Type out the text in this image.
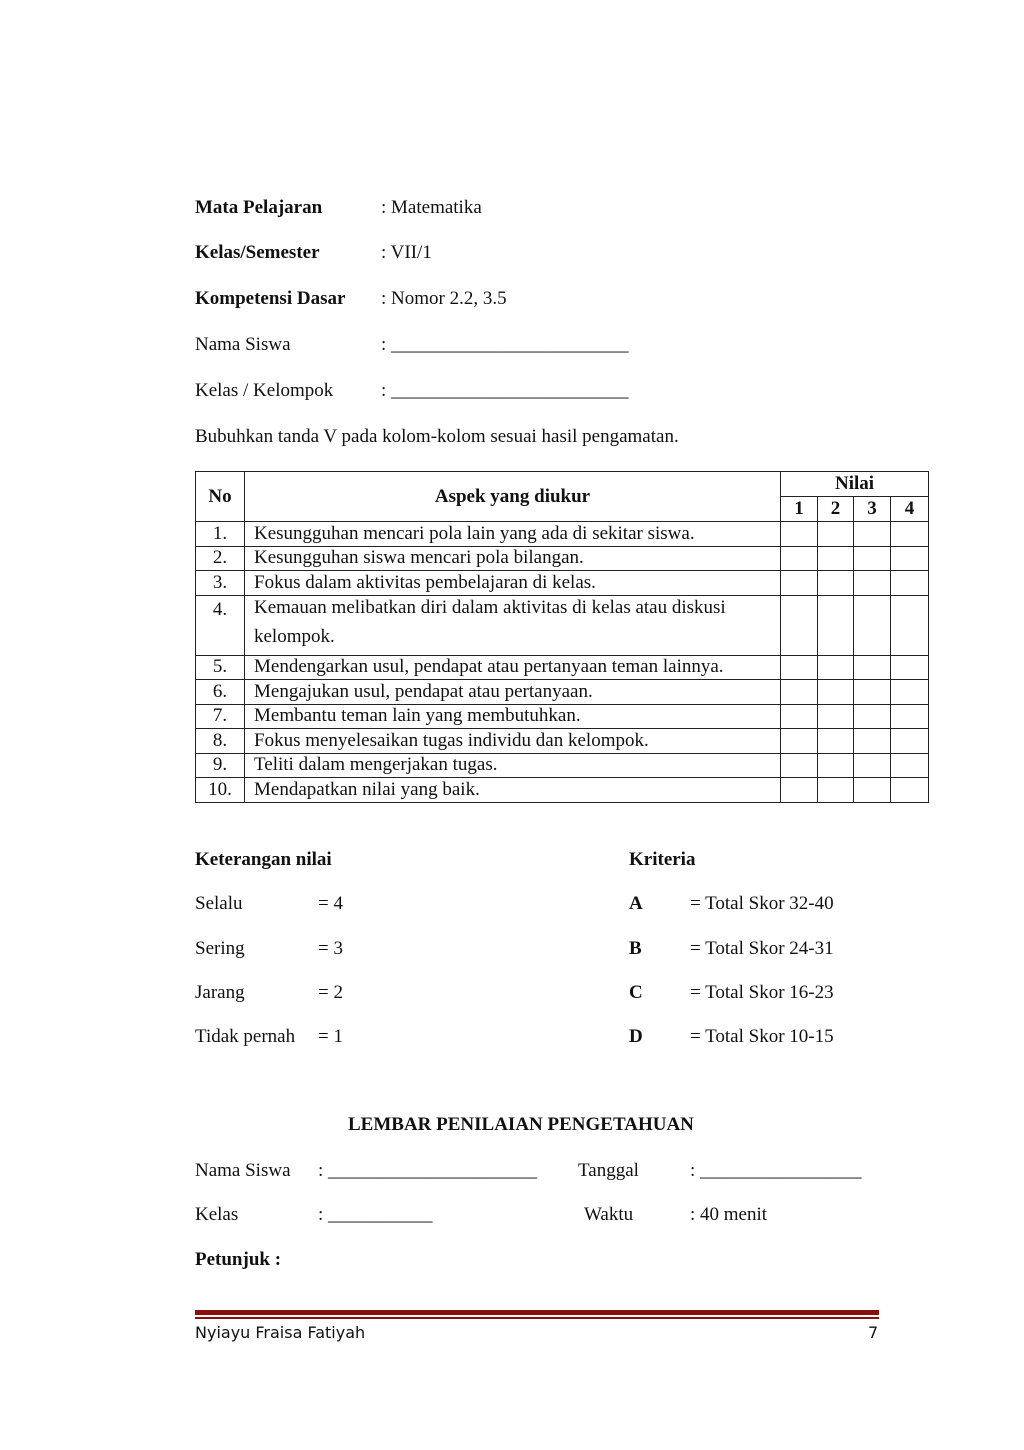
Mata Pelajaran	: Matematika
Kelas/Semester	: VII/1
Kompetensi Dasar : Nomor 2.2, 3.5
Nama Siswa	: _________________________
Kelas / Kelompok	: _________________________
Bubuhkan tanda V pada kolom-kolom sesuai hasil pengamatan.
No	Aspek yang diukur	Nilai			
		1	2	3	4
1.	Kesungguhan mencari pola lain yang ada di sekitar siswa.				
2.	Kesungguhan siswa mencari pola bilangan.				
3.	Fokus dalam aktivitas pembelajaran di kelas.				
4.	Kemauan melibatkan diri dalam aktivitas di kelas atau diskusi
kelompok.				

5.	Mendengarkan usul, pendapat atau pertanyaan teman lainnya.				
6.	Mengajukan usul, pendapat atau pertanyaan.				
7.	Membantu teman lain yang membutuhkan.				
8.	Fokus menyelesaikan tugas individu dan kelompok.				
9.	Teliti dalam mengerjakan tugas.				
10.	Mendapatkan nilai yang baik.				
Keterangan nilai
Selalu	= 4
Sering	= 3
Jarang	= 2
Tidak pernah = 1
Kriteria
A = Total Skor 32-40
B	= Total Skor 24-31
C = Total Skor 16-23
D = Total Skor 10-15
LEMBAR PENILAIAN PENGETAHUAN
Nama Siswa : ______________________ Tanggal	: _________________
Kelas	: ___________	Waktu	: 40 menit
Petunjuk :
Nyiayu Fraisa Fatiyah	7
